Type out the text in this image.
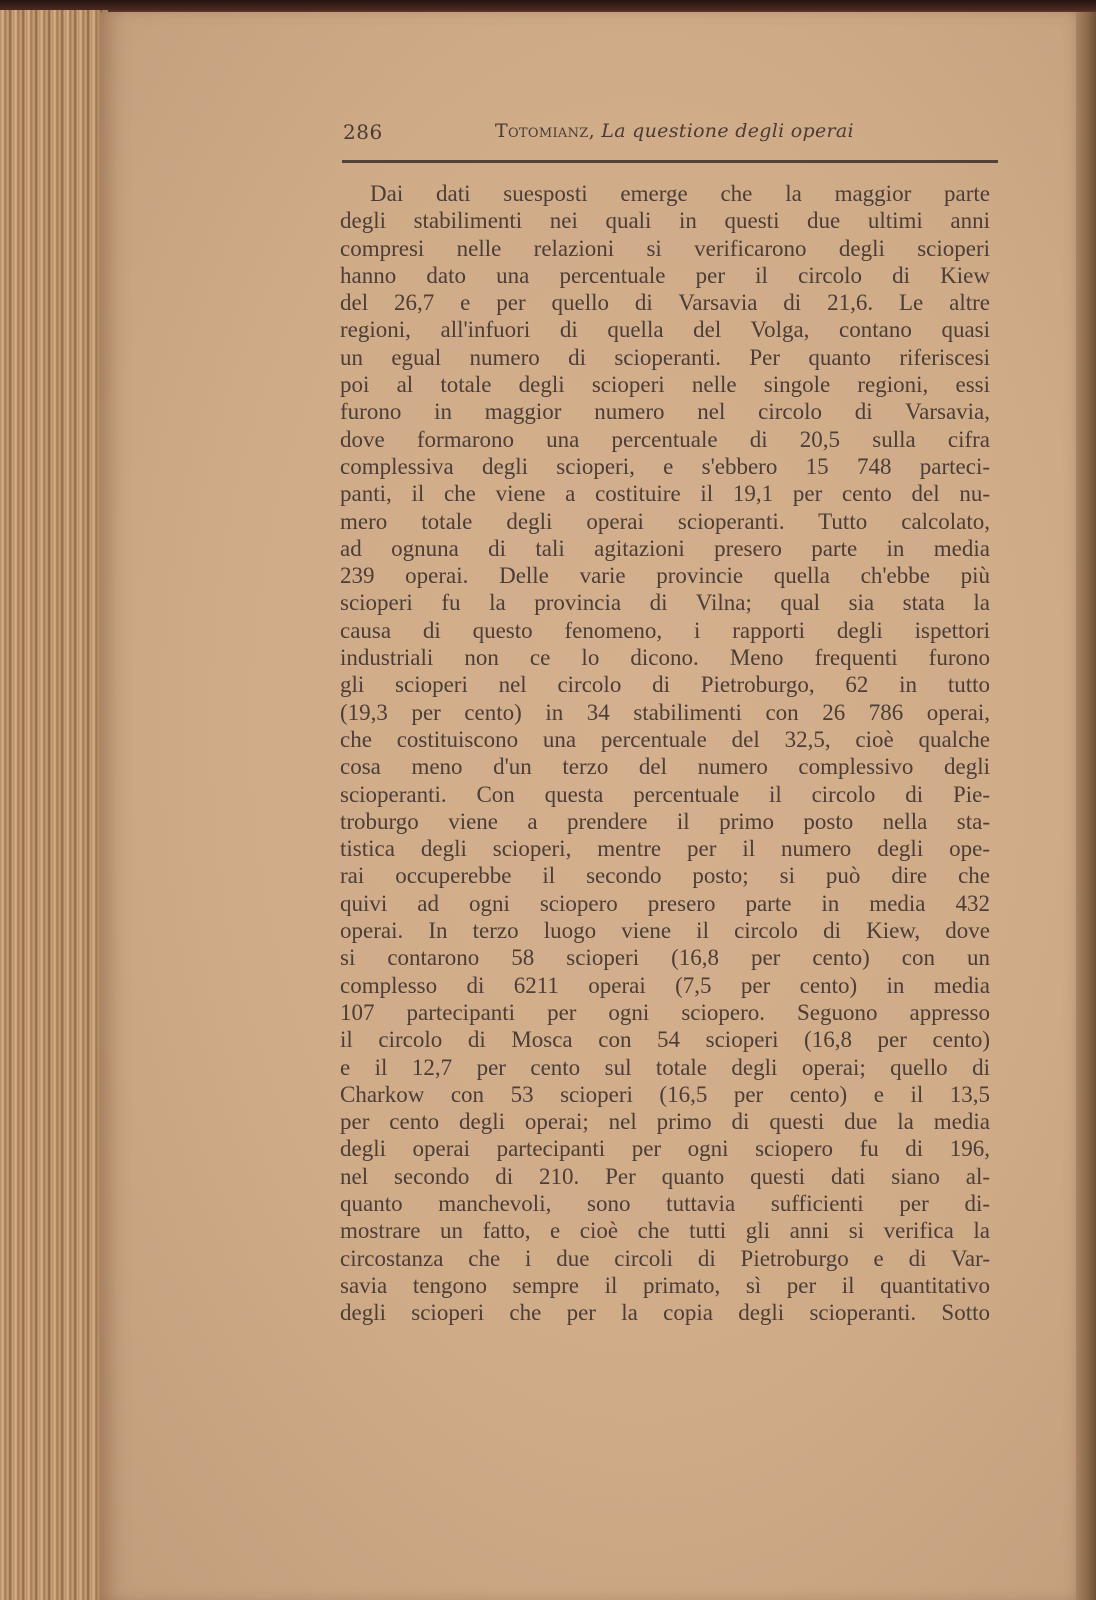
286	Totomianz, La questione degli operai
Dai dati suesposti emerge che la maggior parte
degli stabilimenti nei quali in questi due ultimi anni
compresi nelle relazioni si verificarono degli scioperi
hanno dato una percentuale per il circolo di Kiew
del 26,7 e per quello di Varsavia di 21,6. Le altre
regioni, all'infuori di quella del Volga, contano quasi
un egual numero di scioperanti. Per quanto riferiscesi
poi al totale degli scioperi nelle singole regioni, essi
furono in maggior numero nel circolo di Varsavia,
dove formarono una percentuale di 20,5 sulla cifra
complessiva degli scioperi, e s'ebbero 15 748 parteci-
panti, il che viene a costituire il 19,1 per cento del nu-
mero totale degli operai scioperanti. Tutto calcolato,
ad ognuna di tali agitazioni presero parte in media
239 operai. Delle varie provincie quella ch'ebbe più
scioperi fu la provincia di Vilna; qual sia stata la
causa di questo fenomeno, i rapporti degli ispettori
industriali non ce lo dicono. Meno frequenti furono
gli scioperi nel circolo di Pietroburgo, 62 in tutto
(19,3 per cento) in 34 stabilimenti con 26 786 operai,
che costituiscono una percentuale del 32,5, cioè qualche
cosa meno d'un terzo del numero complessivo degli
scioperanti. Con questa percentuale il circolo di Pie-
troburgo viene a prendere il primo posto nella sta-
tistica degli scioperi, mentre per il numero degli ope-
rai occuperebbe il secondo posto; si può dire che
quivi ad ogni sciopero presero parte in media 432
operai. In terzo luogo viene il circolo di Kiew, dove
si contarono 58 scioperi (16,8 per cento) con un
complesso di 6211 operai (7,5 per cento) in media
107 partecipanti per ogni sciopero. Seguono appresso
il circolo di Mosca con 54 scioperi (16,8 per cento)
e il 12,7 per cento sul totale degli operai; quello di
Charkow con 53 scioperi (16,5 per cento) e il 13,5
per cento degli operai; nel primo di questi due la media
degli operai partecipanti per ogni sciopero fu di 196,
nel secondo di 210. Per quanto questi dati siano al-
quanto manchevoli, sono tuttavia sufficienti per di-
mostrare un fatto, e cioè che tutti gli anni si verifica la
circostanza che i due circoli di Pietroburgo e di Var-
savia tengono sempre il primato, sì per il quantitativo
degli scioperi che per la copia degli scioperanti. Sotto
